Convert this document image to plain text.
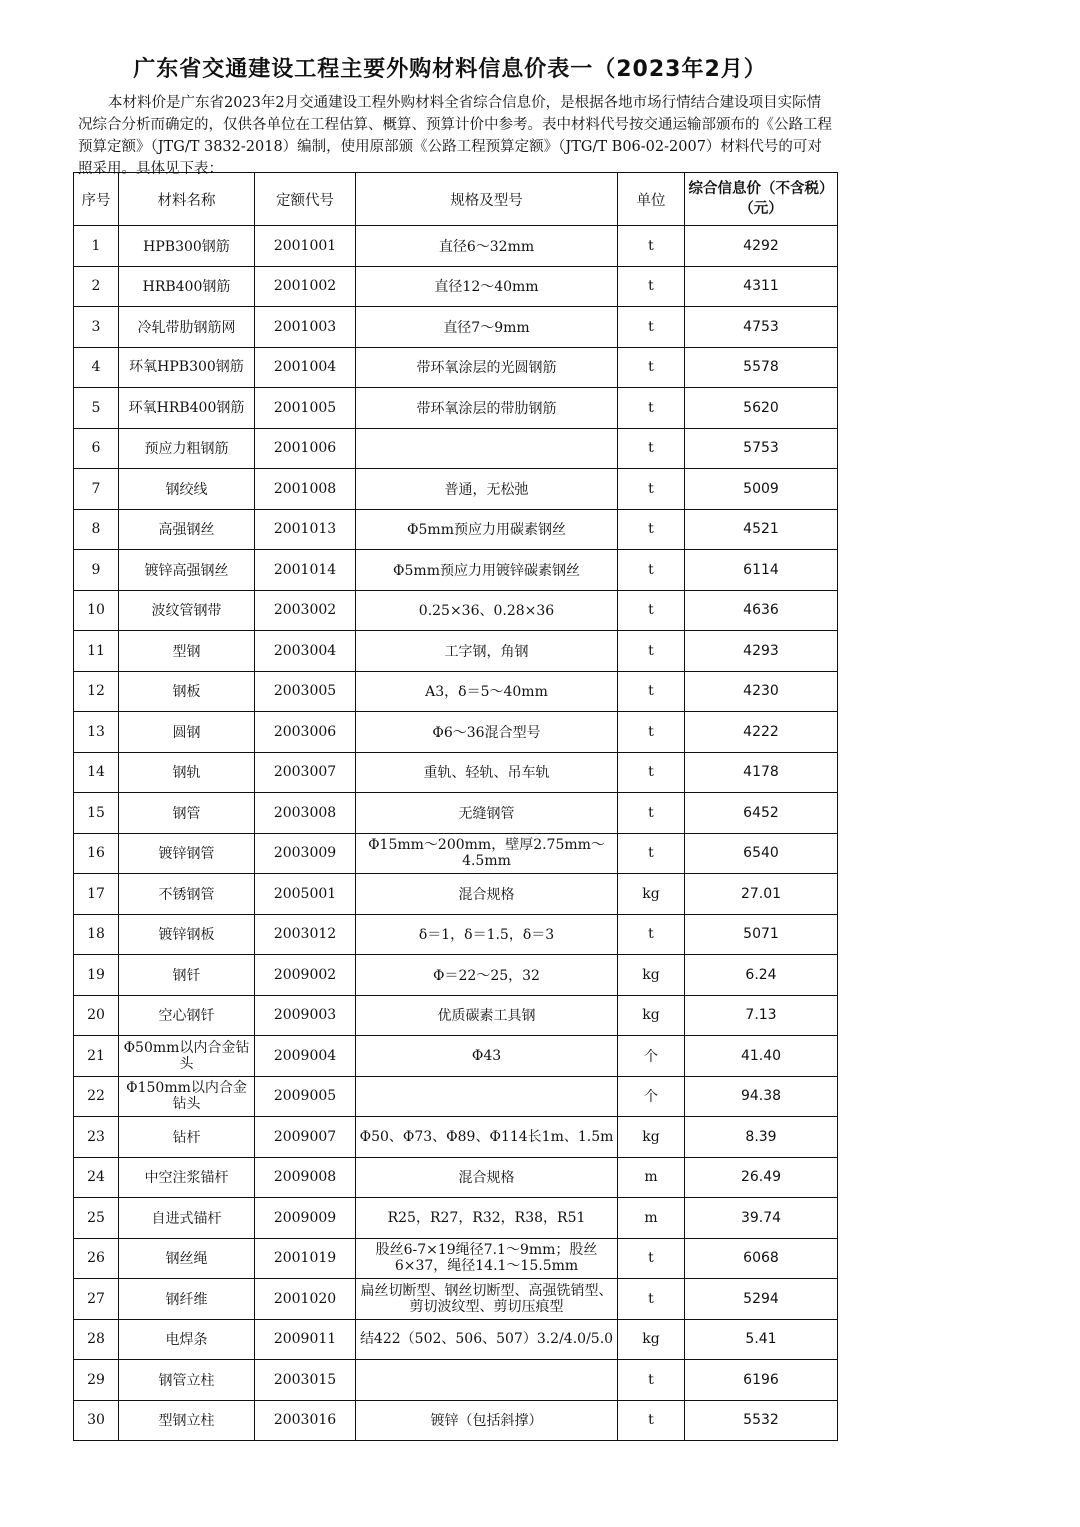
广东省交通建设工程主要外购材料信息价表一（2023年2月）

本材料价是广东省2023年2月交通建设工程外购材料全省综合信息价，是根据各地市场行情结合建设项目实际情况综合分析而确定的，仅供各单位在工程估算、概算、预算计价中参考。表中材料代号按交通运输部颁布的《公路工程预算定额》（JTG/T 3832-2018）编制，使用原部颁《公路工程预算定额》（JTG/T B06-02-2007）材料代号的可对照采用。具体见下表：

序号	材料名称	定额代号	规格及型号	单位	综合信息价（不含税）（元）
1	HPB300钢筋	2001001	直径6～32mm	t	4292
2	HRB400钢筋	2001002	直径12～40mm	t	4311
3	冷轧带肋钢筋网	2001003	直径7～9mm	t	4753
4	环氧HPB300钢筋	2001004	带环氧涂层的光圆钢筋	t	5578
5	环氧HRB400钢筋	2001005	带环氧涂层的带肋钢筋	t	5620
6	预应力粗钢筋	2001006		t	5753
7	钢绞线	2001008	普通，无松弛	t	5009
8	高强钢丝	2001013	Φ5mm预应力用碳素钢丝	t	4521
9	镀锌高强钢丝	2001014	Φ5mm预应力用镀锌碳素钢丝	t	6114
10	波纹管钢带	2003002	0.25×36、0.28×36	t	4636
11	型钢	2003004	工字钢，角钢	t	4293
12	钢板	2003005	A3，δ＝5～40mm	t	4230
13	圆钢	2003006	Φ6～36混合型号	t	4222
14	钢轨	2003007	重轨、轻轨、吊车轨	t	4178
15	钢管	2003008	无缝钢管	t	6452
16	镀锌钢管	2003009	Φ15mm～200mm，壁厚2.75mm～4.5mm	t	6540
17	不锈钢管	2005001	混合规格	kg	27.01
18	镀锌钢板	2003012	δ＝1，δ＝1.5，δ＝3	t	5071
19	钢钎	2009002	Φ＝22～25，32	kg	6.24
20	空心钢钎	2009003	优质碳素工具钢	kg	7.13
21	Φ50mm以内合金钻头	2009004	Φ43	个	41.40
22	Φ150mm以内合金钻头	2009005		个	94.38
23	钻杆	2009007	Φ50、Φ73、Φ89、Φ114长1m、1.5m	kg	8.39
24	中空注浆锚杆	2009008	混合规格	m	26.49
25	自进式锚杆	2009009	R25，R27，R32，R38，R51	m	39.74
26	钢丝绳	2001019	股丝6-7×19绳径7.1～9mm；股丝6×37，绳径14.1～15.5mm	t	6068
27	钢纤维	2001020	扁丝切断型、钢丝切断型、高强铣销型、剪切波纹型、剪切压痕型	t	5294
28	电焊条	2009011	结422（502、506、507）3.2/4.0/5.0	kg	5.41
29	钢管立柱	2003015		t	6196
30	型钢立柱	2003016	镀锌（包括斜撑）	t	5532
